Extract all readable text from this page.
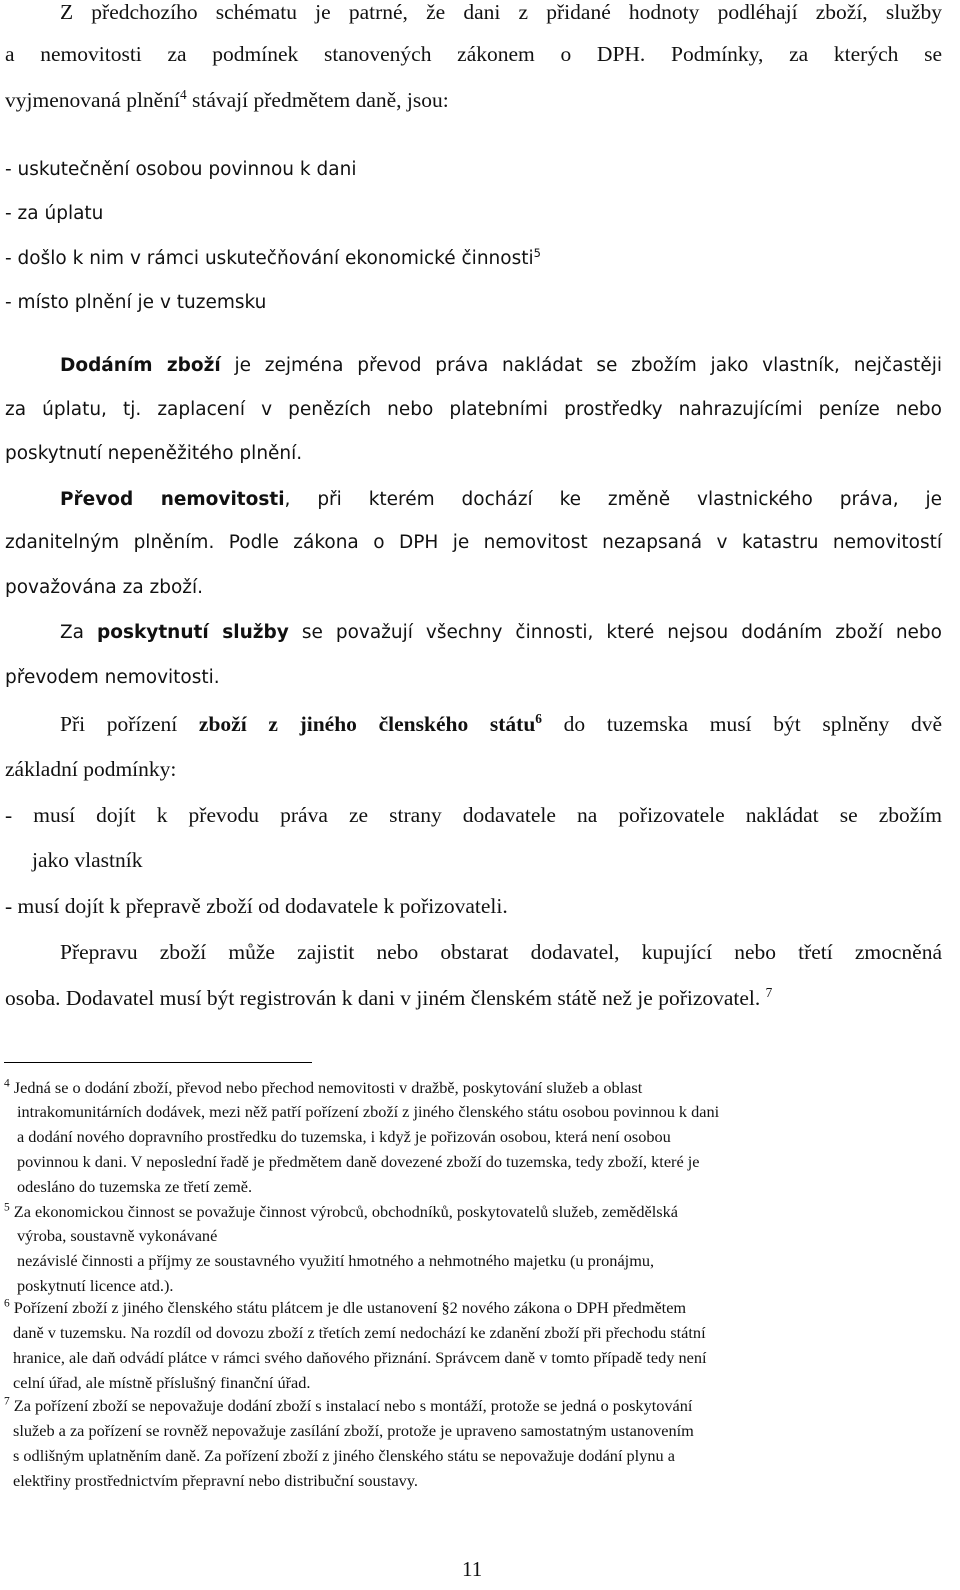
Z předchozího schématu je patrné, že dani z přidané hodnoty podléhají zboží, služby
a nemovitosti za podmínek stanovených zákonem o DPH. Podmínky, za kterých se
vyjmenovaná plnění$^4$ stávají předmětem daně, jsou:
- uskutečnění osobou povinnou k dani
- za úplatu
- došlo k nim v rámci uskutečňování ekonomické činnosti$^5$
- místo plnění je v tuzemsku
Dodáním zboží je zejména převod práva nakládat se zbožím jako vlastník, nejčastěji
za úplatu, tj. zaplacení v penězích nebo platebními prostředky nahrazujícími peníze nebo
poskytnutí nepeněžitého plnění.
Převod nemovitosti, při kterém dochází ke změně vlastnického práva, je
zdanitelným plněním. Podle zákona o DPH je nemovitost nezapsaná v katastru nemovitostí
považována za zboží.
Za poskytnutí služby se považují všechny činnosti, které nejsou dodáním zboží nebo
převodem nemovitosti.
Při pořízení zboží z jiného členského státu$^6$ do tuzemska musí být splněny dvě
základní podmínky:
- musí dojít k převodu práva ze strany dodavatele na pořizovatele nakládat se zbožím
jako vlastník
- musí dojít k přepravě zboží od dodavatele k pořizovateli.
Přepravu zboží může zajistit nebo obstarat dodavatel, kupující nebo třetí zmocněná
osoba. Dodavatel musí být registrován k dani v jiném členském státě než je pořizovatel. $^7$
$^4$ Jedná se o dodání zboží, převod nebo přechod nemovitosti v dražbě, poskytování služeb a oblast
intrakomunitárních dodávek, mezi něž patří pořízení zboží z jiného členského státu osobou povinnou k dani
a dodání nového dopravního prostředku do tuzemska, i když je pořizován osobou, která není osobou
povinnou k dani. V neposlední řadě je předmětem daně dovezené zboží do tuzemska, tedy zboží, které je
odesláno do tuzemska ze třetí země.
$^5$ Za ekonomickou činnost se považuje činnost výrobců, obchodníků, poskytovatelů služeb, zemědělská
výroba, soustavně vykonávané
nezávislé činnosti a příjmy ze soustavného využití hmotného a nehmotného majetku (u pronájmu,
poskytnutí licence atd.).
$^6$ Pořízení zboží z jiného členského státu plátcem je dle ustanovení §2 nového zákona o DPH předmětem
daně v tuzemsku. Na rozdíl od dovozu zboží z třetích zemí nedochází ke zdanění zboží při přechodu státní
hranice, ale daň odvádí plátce v rámci svého daňového přiznání. Správcem daně v tomto případě tedy není
celní úřad, ale místně příslušný finanční úřad.
$^7$ Za pořízení zboží se nepovažuje dodání zboží s instalací nebo s montáží, protože se jedná o poskytování
služeb a za pořízení se rovněž nepovažuje zasílání zboží, protože je upraveno samostatným ustanovením
s odlišným uplatněním daně. Za pořízení zboží z jiného členského státu se nepovažuje dodání plynu a
elektřiny prostřednictvím přepravní nebo distribuční soustavy.
11
